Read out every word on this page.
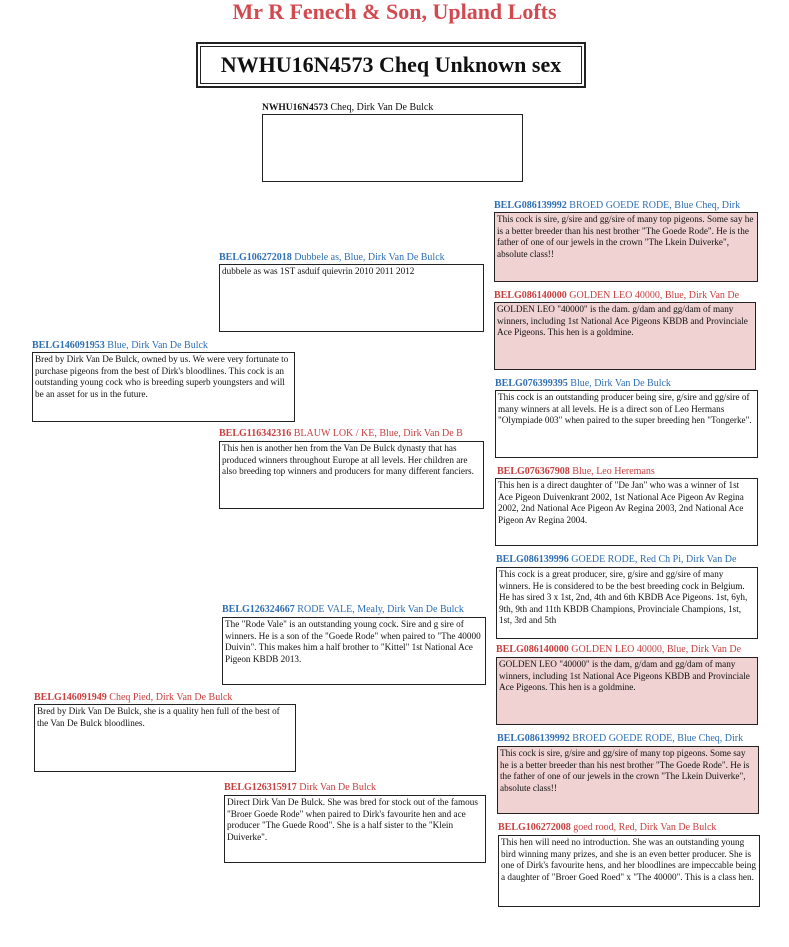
Mr R Fenech & Son, Upland Lofts
NWHU16N4573 Cheq Unknown sex
NWHU16N4573 Cheq, Dirk Van De Bulck
BELG146091953 Blue, Dirk Van De Bulck
Bred by Dirk Van De Bulck, owned by us. We were very fortunate to purchase pigeons from the best of Dirk's bloodlines. This cock is an outstanding young cock who is breeding superb youngsters and will be an asset for us in the future.
BELG106272018 Dubbele as, Blue, Dirk Van De Bulck
dubbele as was 1ST asduif quievrin 2010 2011 2012
BELG116342316 BLAUW LOK / KE, Blue, Dirk Van De B
This hen is another hen from the Van De Bulck dynasty that has produced winners throughout Europe at all levels. Her children are also breeding top winners and producers for many different fanciers.
BELG086139992 BROED GOEDE RODE, Blue Cheq, Dirk
This cock is sire, g/sire and gg/sire of many top pigeons. Some say he is a better breeder than his nest brother "The Goede Rode". He is the father of one of our jewels in the crown "The Lkein Duiverke", absolute class!!
BELG086140000 GOLDEN LEO 40000, Blue, Dirk Van De
GOLDEN LEO "40000" is the dam. g/dam and gg/dam of many winners, including 1st National Ace Pigeons KBDB and Provinciale Ace Pigeons. This hen is a goldmine.
BELG076399395 Blue, Dirk Van De Bulck
This cock is an outstanding producer being sire, g/sire and gg/sire of many winners at all levels. He is a direct son of Leo Hermans "Olympiade 003" when paired to the super breeding hen "Tongerke".
BELG076367908 Blue, Leo Heremans
This hen is a direct daughter of "De Jan" who was a winner of 1st Ace Pigeon Duivenkrant 2002, 1st National Ace Pigeon Av Regina 2002, 2nd National Ace Pigeon Av Regina 2003, 2nd National Ace Pigeon Av Regina 2004.
BELG146091949 Cheq Pied, Dirk Van De Bulck
Bred by Dirk Van De Bulck, she is a quality hen full of the best of the Van De Bulck bloodlines.
BELG126324667 RODE VALE, Mealy, Dirk Van De Bulck
The "Rode Vale" is an outstanding young cock. Sire and g sire of winners. He is a son of the "Goede Rode" when paired to "The 40000 Duivin". This makes him a half brother to "Kittel" 1st National Ace Pigeon KBDB 2013.
BELG126315917 Dirk Van De Bulck
Direct Dirk Van De Bulck. She was bred for stock out of the famous "Broer Goede Rode" when paired to Dirk's favourite hen and ace producer "The Guede Rood". She is a half sister to the "Klein Duiverke".
BELG086139996 GOEDE RODE, Red Ch Pi, Dirk Van De
This cock is a great producer, sire, g/sire and gg/sire of many winners. He is considered to be the best breeding cock in Belgium. He has sired 3 x 1st, 2nd, 4th and 6th KBDB Ace Pigeons. 1st, 6yh, 9th, 9th and 11th KBDB Champions, Provinciale Champions, 1st, 1st, 3rd and 5th
BELG086140000 GOLDEN LEO 40000, Blue, Dirk Van De
GOLDEN LEO "40000" is the dam, g/dam and gg/dam of many winners, including 1st National Ace Pigeons KBDB and Provinciale Ace Pigeons. This hen is a goldmine.
BELG086139992 BROED GOEDE RODE, Blue Cheq, Dirk
This cock is sire, g/sire and gg/sire of many top pigeons. Some say he is a better breeder than his nest brother "The Goede Rode". He is the father of one of our jewels in the crown "The Lkein Duiverke", absolute class!!
BELG106272008 goed rood, Red, Dirk Van De Bulck
This hen will need no introduction. She was an outstanding young bird winning many prizes, and she is an even better producer. She is one of Dirk's favourite hens, and her bloodlines are impeccable being a daughter of "Broer Goed Roed" x "The 40000". This is a class hen.
